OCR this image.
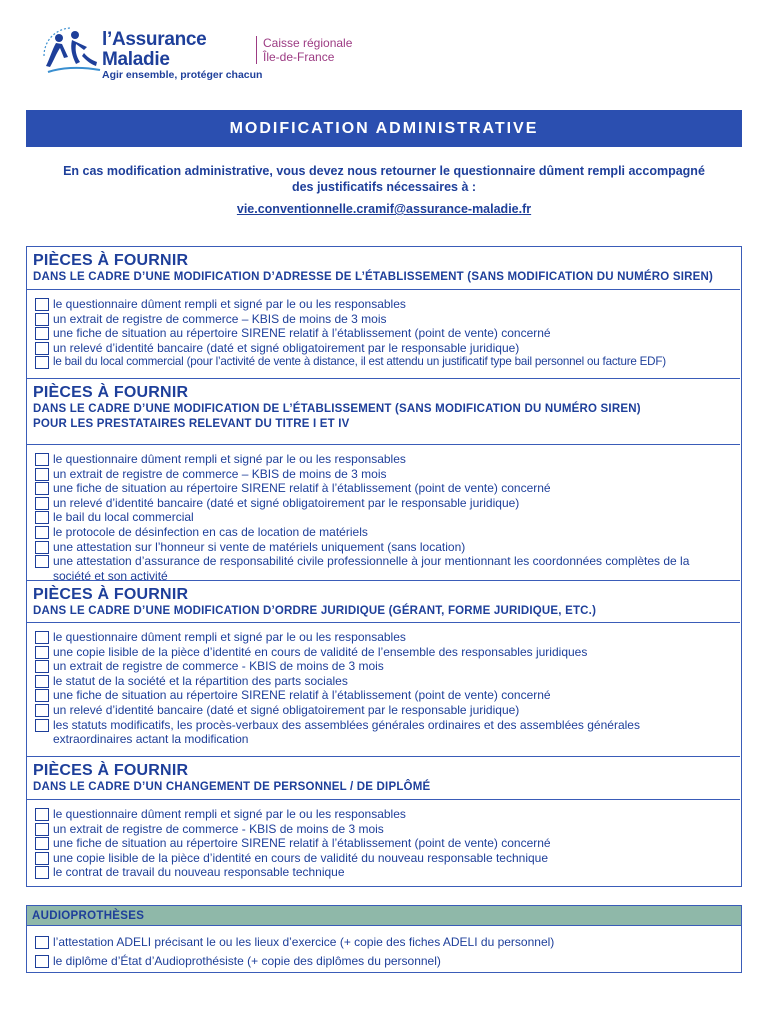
l’Assurance
Maladie
Agir ensemble, protéger chacun
Caisse régionale
Île-de-France
MODIFICATION ADMINISTRATIVE
En cas modification administrative, vous devez nous retourner le questionnaire dûment rempli accompagné
des justificatifs nécessaires à :
vie.conventionnelle.cramif@assurance-maladie.fr
PIÈCES À FOURNIR
DANS LE CADRE D’UNE MODIFICATION D’ADRESSE DE L’ÉTABLISSEMENT (SANS MODIFICATION DU NUMÉRO SIREN)
le questionnaire dûment rempli et signé par le ou les responsables
un extrait de registre de commerce – KBIS de moins de 3 mois
une fiche de situation au répertoire SIRENE relatif à l’établissement (point de vente) concerné
un relevé d’identité bancaire (daté et signé obligatoirement par le responsable juridique)
le bail du local commercial (pour l’activité de vente à distance, il est attendu un justificatif type bail personnel ou facture EDF)
PIÈCES À FOURNIR
DANS LE CADRE D’UNE MODIFICATION DE L’ÉTABLISSEMENT (SANS MODIFICATION DU NUMÉRO SIREN)
POUR LES PRESTATAIRES RELEVANT DU TITRE I ET IV
le questionnaire dûment rempli et signé par le ou les responsables
un extrait de registre de commerce – KBIS de moins de 3 mois
une fiche de situation au répertoire SIRENE relatif à l’établissement (point de vente) concerné
un relevé d’identité bancaire (daté et signé obligatoirement par le responsable juridique)
le bail du local commercial
le protocole de désinfection en cas de location de matériels
une attestation sur l’honneur si vente de matériels uniquement (sans location)
une attestation d’assurance de responsabilité civile professionnelle à jour mentionnant les coordonnées complètes de la société et son activité
PIÈCES À FOURNIR
DANS LE CADRE D’UNE MODIFICATION D’ORDRE JURIDIQUE (GÉRANT, FORME JURIDIQUE, ETC.)
le questionnaire dûment rempli et signé par le ou les responsables
une copie lisible de la pièce d’identité en cours de validité de l’ensemble des responsables juridiques
un extrait de registre de commerce - KBIS de moins de 3 mois
le statut de la société et la répartition des parts sociales
une fiche de situation au répertoire SIRENE relatif à l’établissement (point de vente) concerné
un relevé d’identité bancaire (daté et signé obligatoirement par le responsable juridique)
les statuts modificatifs, les procès-verbaux des assemblées générales ordinaires et des assemblées générales extraordinaires actant la modification
PIÈCES À FOURNIR
DANS LE CADRE D’UN CHANGEMENT DE PERSONNEL / DE DIPLÔMÉ
le questionnaire dûment rempli et signé par le ou les responsables
un extrait de registre de commerce - KBIS de moins de 3 mois
une fiche de situation au répertoire SIRENE relatif à l’établissement (point de vente) concerné
une copie lisible de la pièce d’identité en cours de validité du nouveau responsable technique
le contrat de travail du nouveau responsable technique
AUDIOPROTHÈSES
l’attestation ADELI précisant le ou les lieux d’exercice (+ copie des fiches ADELI du personnel)
le diplôme d’État d’Audioprothésiste (+ copie des diplômes du personnel)
